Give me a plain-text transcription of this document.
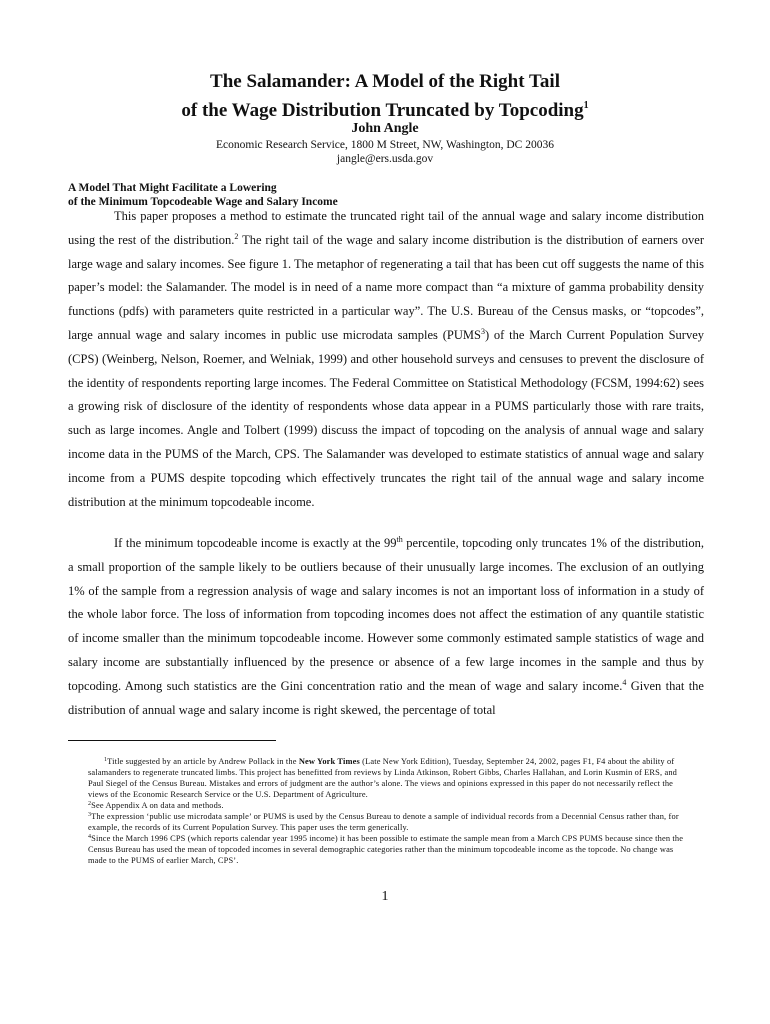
The Salamander: A Model of the Right Tail
of the Wage Distribution Truncated by Topcoding$^1$
John Angle
Economic Research Service, 1800 M Street, NW, Washington, DC 20036
jangle@ers.usda.gov
A Model That Might Facilitate a Lowering
of the Minimum Topcodeable Wage and Salary Income

This paper proposes a method to estimate the truncated right tail of the annual wage and salary income distribution using the rest of the distribution.$^2$ The right tail of the wage and salary income distribution is the distribution of earners over large wage and salary incomes. See figure 1. The metaphor of regenerating a tail that has been cut off suggests the name of this paper’s model: the Salamander. The model is in need of a name more compact than “a mixture of gamma probability density functions (pdfs) with parameters quite restricted in a particular way”. The U.S. Bureau of the Census masks, or “topcodes”, large annual wage and salary incomes in public use microdata samples (PUMS$^3$) of the March Current Population Survey (CPS) (Weinberg, Nelson, Roemer, and Welniak, 1999) and other household surveys and censuses to prevent the disclosure of the identity of respondents reporting large incomes. The Federal Committee on Statistical Methodology (FCSM, 1994:62) sees a growing risk of disclosure of the identity of respondents whose data appear in a PUMS particularly those with rare traits, such as large incomes. Angle and Tolbert (1999) discuss the impact of topcoding on the analysis of annual wage and salary income data in the PUMS of the March, CPS. The Salamander was developed to estimate statistics of annual wage and salary income from a PUMS despite topcoding which effectively truncates the right tail of the annual wage and salary income distribution at the minimum topcodeable income.

If the minimum topcodeable income is exactly at the 99th percentile, topcoding only truncates 1% of the distribution, a small proportion of the sample likely to be outliers because of their unusually large incomes. The exclusion of an outlying 1% of the sample from a regression analysis of wage and salary incomes is not an important loss of information in a study of the whole labor force. The loss of information from topcoding incomes does not affect the estimation of any quantile statistic of income smaller than the minimum topcodeable income. However some commonly estimated sample statistics of wage and salary income are substantially influenced by the presence or absence of a few large incomes in the sample and thus by topcoding. Among such statistics are the Gini concentration ratio and the mean of wage and salary income.$^4$ Given that the distribution of annual wage and salary income is right skewed, the percentage of total

$^1$Title suggested by an article by Andrew Pollack in the New York Times (Late New York Edition), Tuesday, September 24, 2002, pages F1, F4 about the ability of salamanders to regenerate truncated limbs. This project has benefitted from reviews by Linda Atkinson, Robert Gibbs, Charles Hallahan, and Lorin Kusmin of ERS, and Paul Siegel of the Census Bureau. Mistakes and errors of judgment are the author’s alone. The views and opinions expressed in this paper do not necessarily reflect the views of the Economic Research Service or the U.S. Department of Agriculture.

$^2$See Appendix A on data and methods.

$^3$The expression ‘public use microdata sample’ or PUMS is used by the Census Bureau to denote a sample of individual records from a Decennial Census rather than, for example, the records of its Current Population Survey. This paper uses the term generically.

$^4$Since the March 1996 CPS (which reports calendar year 1995 income) it has been possible to estimate the sample mean from a March CPS PUMS because since then the Census Bureau has used the mean of topcoded incomes in several demographic categories rather than the minimum topcodeable income as the topcode. No change was made to the PUMS of earlier March, CPS’.

1
